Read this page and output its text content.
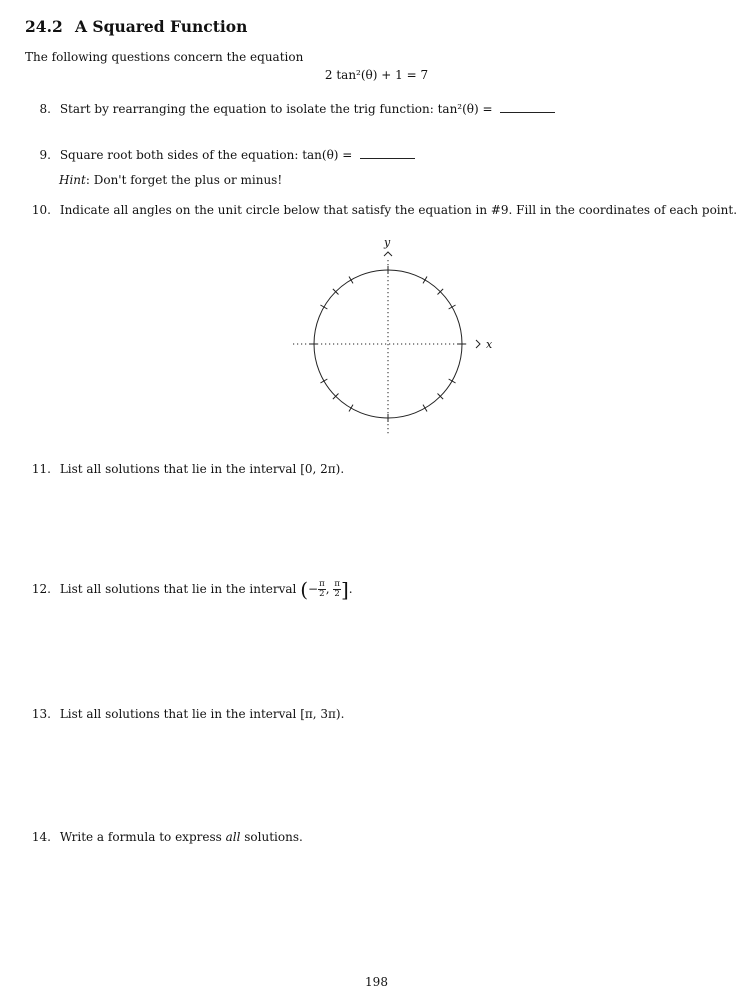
24.2 A Squared Function
The following questions concern the equation
2 tan²(θ) + 1 = 7
8. Start by rearranging the equation to isolate the trig function: tan²(θ) =
9. Square root both sides of the equation: tan(θ) =
Hint: Don't forget the plus or minus!
10. Indicate all angles on the unit circle below that satisfy the equation in #9. Fill in the coordinates of each point.
x
y
11. List all solutions that lie in the interval [0, 2π).
12. List all solutions that lie in the interval (− $\frac{\pi}{2}$ , $\frac{\pi}{2}$ ].
13. List all solutions that lie in the interval [π, 3π).
14. Write a formula to express all solutions.
198
